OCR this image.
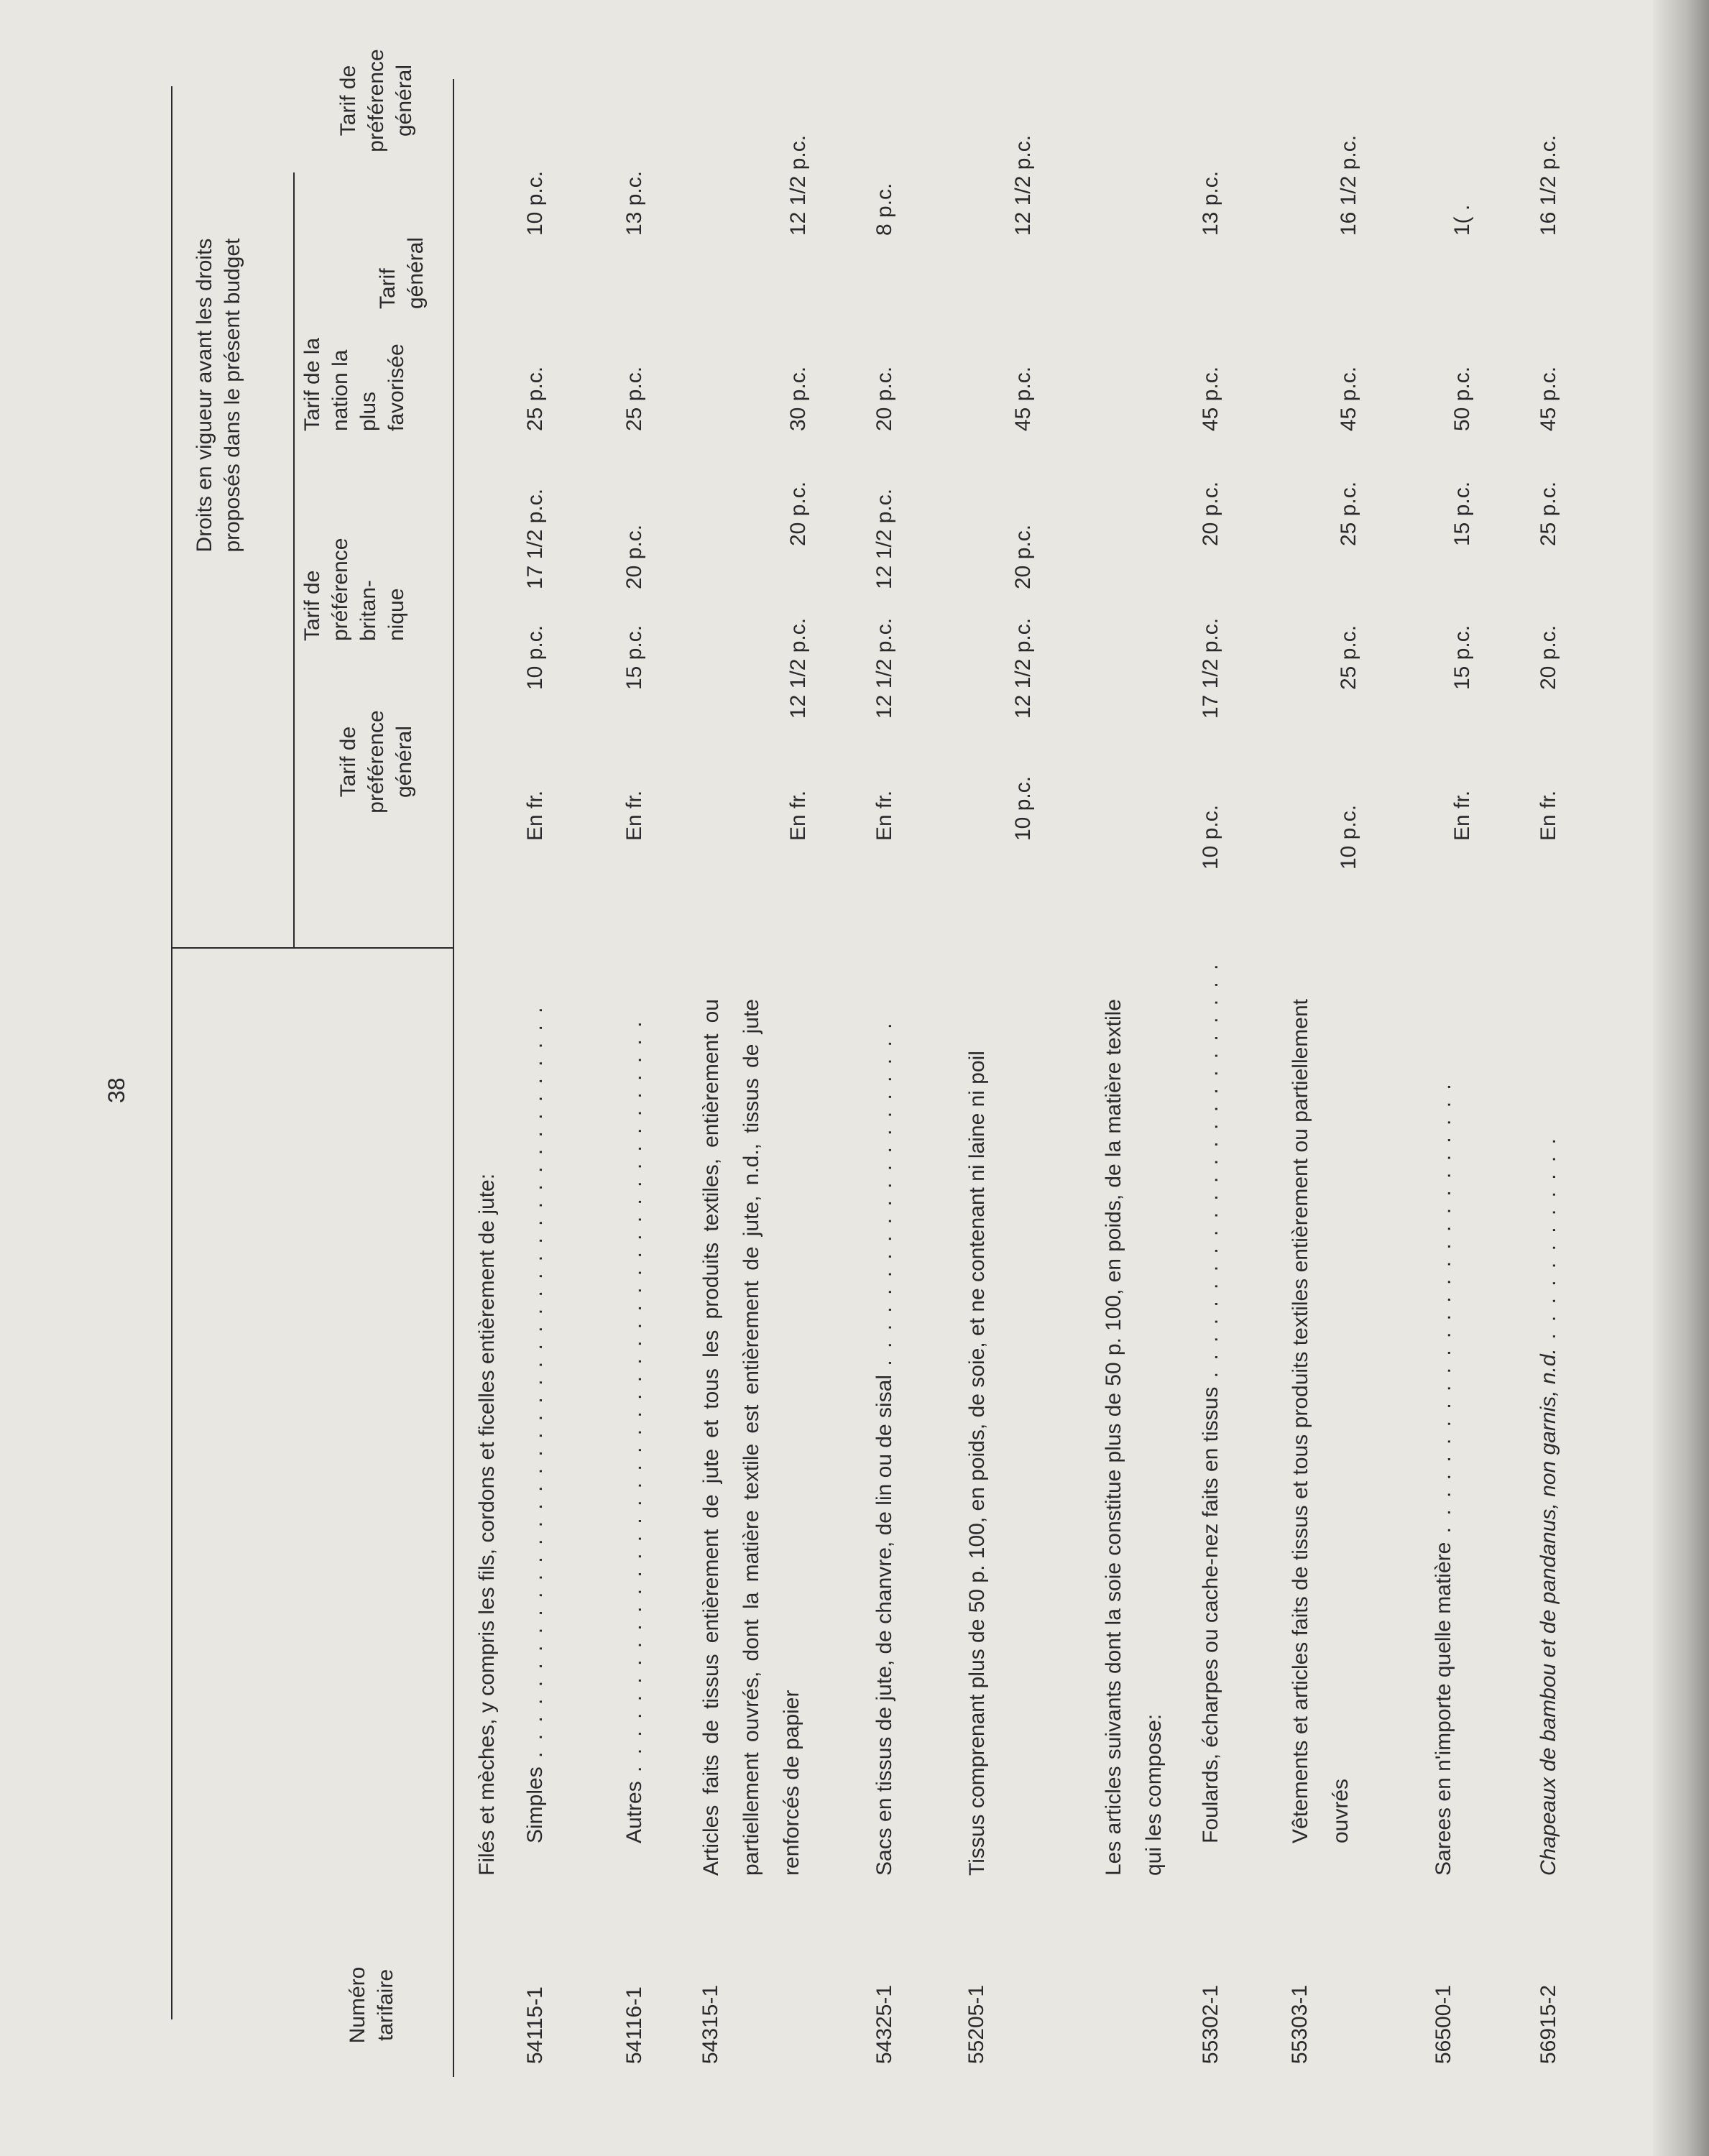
38
Numéro tarifaire
Tarif de préférence général
Droits en vigueur avant les droits proposés dans le présent budget
Tarif de préférence britan-nique
Tarif de la nation la plus favorisée
Tarif général
Tarif de préférence général
Filés et mèches, y compris les fils, cordons et ficelles entièrement de jute:
54115-1
Simples . . . . . . . . . . . . . . . . . . . . . . . . . . . . . . . . . . . . . . . . . . .
En fr.
10 p.c.
17 1/2 p.c.
25 p.c.
10 p.c.
54116-1
Autres . . . . . . . . . . . . . . . . . . . . . . . . . . . . . . . . . . . . . . . . . . .
En fr.
15 p.c.
20 p.c.
25 p.c.
13 p.c.
54315-1
Articles faits de tissus entièrement de jute et tous les produits textiles, entièrement ou partiellement ouvrés, dont la matière textile est entièrement de jute, n.d., tissus de jute renforcés de papier
En fr.
12 1/2 p.c.
20 p.c.
30 p.c.
12 1/2 p.c.
54325-1
Sacs en tissus de jute, de chanvre, de lin ou de sisal . . . . . . . . . . . . . . . . . . . .
En fr.
12 1/2 p.c.
12 1/2 p.c.
20 p.c.
8 p.c.
55205-1
Tissus comprenant plus de 50 p. 100, en poids, de soie, et ne contenant ni laine ni poil
10 p.c.
12 1/2 p.c.
20 p.c.
45 p.c.
12 1/2 p.c.
Les articles suivants dont la soie constitue plus de 50 p. 100, en poids, de la matière textile qui les compose:
55302-1
Foulards, écharpes ou cache-nez faits en tissus . . . . . . . . . . . . . . . . . . . . . . . .
10 p.c.
17 1/2 p.c.
20 p.c.
45 p.c.
13 p.c.
55303-1
Vêtements et articles faits de tissus et tous produits textiles entièrement ou partiellement ouvrés
10 p.c.
25 p.c.
25 p.c.
45 p.c.
16 1/2 p.c.
56500-1
Sarees en n'importe quelle matière . . . . . . . . . . . . . . . . . . . . . . . . . .
En fr.
15 p.c.
15 p.c.
50 p.c.
1( .
56915-2
Chapeaux de bambou et de pandanus, non garnis, n.d. . . . . . . . . . . . .
En fr.
20 p.c.
25 p.c.
45 p.c.
16 1/2 p.c.
